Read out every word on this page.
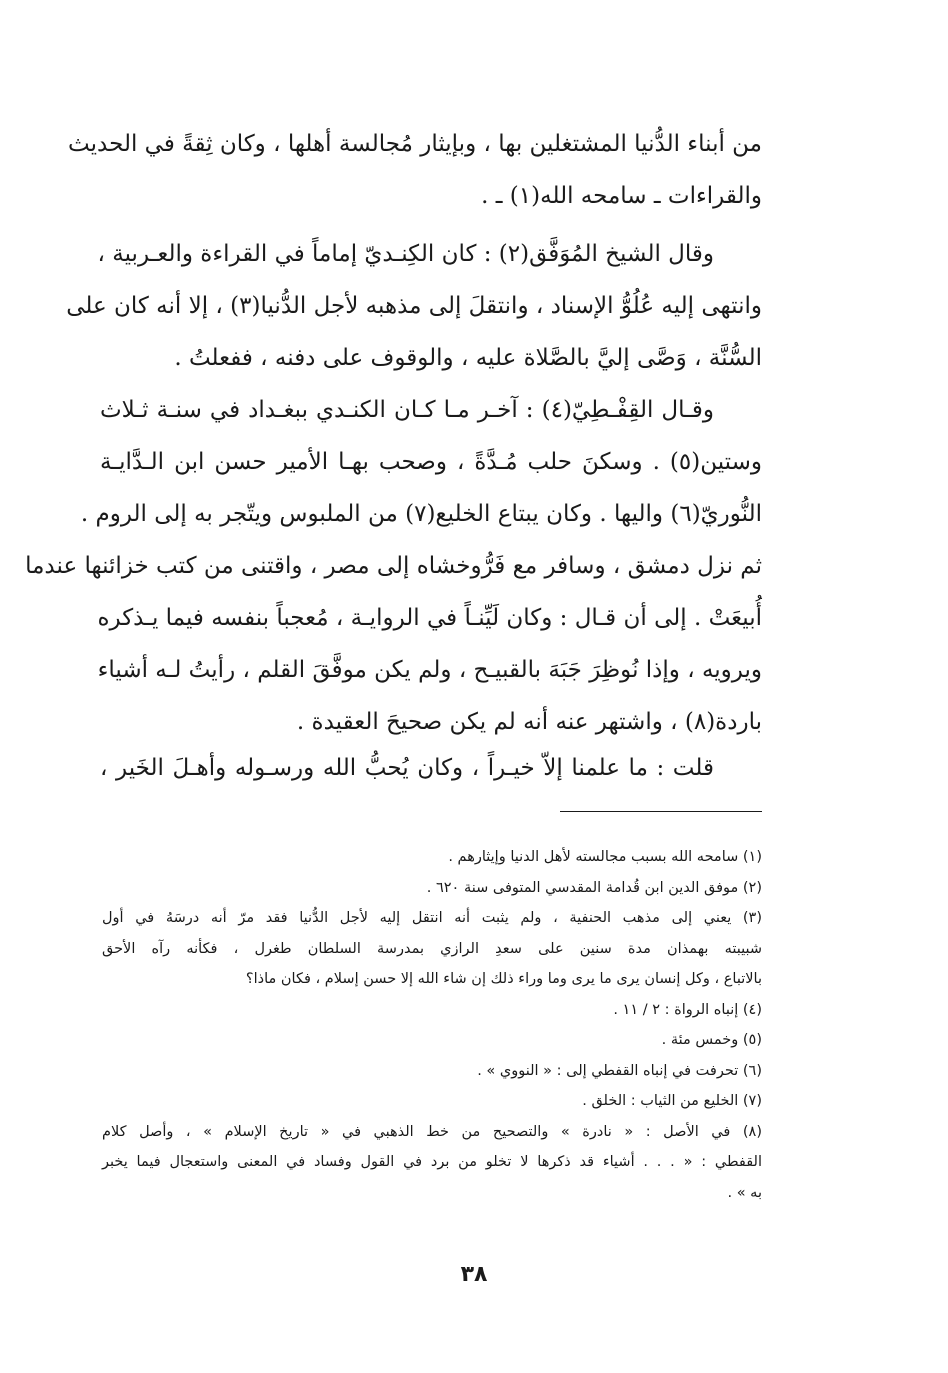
من أبناء الدُّنيا المشتغلين بها ، وبإيثار مُجالسة أهلها ، وكان ثِقةً في الحديث
والقراءات ـ سامحه الله(١) ـ .
وقال الشيخ المُوَفَّق(٢) : كان الكِنـديّ إماماً في القراءة والعـربية ،
وانتهى إليه عُلُوُّ الإسناد ، وانتقلَ إلى مذهبه لأجل الدُّنيا(٣) ، إلا أنه كان على
السُّنَّة ، وَصَّى إليَّ بالصَّلاة عليه ، والوقوف على دفنه ، ففعلتُ .
وقـال القِفْـطِيّ(٤) : آخـر مـا كـان الكنـدي ببغـداد في سنـة ثـلاث
وستين(٥) . وسكنَ حلب مُـدَّةً ، وصحب بهـا الأمير حسن ابن الـدَّايـة
النُّوريّ(٦) واليها . وكان يبتاع الخليع(٧) من الملبوس ويتّجر به إلى الروم .
ثم نزل دمشق ، وسافر مع فَرُّوخشاه إلى مصر ، واقتنى من كتب خزائنها عندما
أُبيعَتْ . إلى أن قـال : وكان لَيِّنـاً في الروايـة ، مُعجباً بنفسه فيما يـذكره
ويرويه ، وإذا نُوظِرَ جَبَهَ بالقبيـح ، ولم يكن موفَّقَ القلم ، رأيتُ لـه أشياء
باردة(٨) ، واشتهر عنه أنه لم يكن صحيحَ العقيدة .
قلت : ما علمنا إلاّ خيـراً ، وكان يُحبُّ الله ورسـوله وأهـلَ الخَير ،
(١) سامحه الله بسبب مجالسته لأهل الدنيا وإيثارهم .
(٢) موفق الدين ابن قُدامة المقدسي المتوفى سنة ٦٢٠ .
(٣) يعني إلى مذهب الحنفية ، ولم يثبت أنه انتقل إليه لأجل الدُّنيا فقد مرّ أنه درسَهُ في أول
شبيبته بهمذان مدة سنين على سعدِ الرازي بمدرسة السلطان طغرل ، فكأنه رآه الأحق
بالاتباع ، وكل إنسان يرى ما يرى وما وراء ذلك إن شاء الله إلا حسن إسلام ، فكان ماذا؟
(٤) إنباه الرواة : ٢ / ١١ .
(٥) وخمس مئة .
(٦) تحرفت في إنباه القفطي إلى : « النووي » .
(٧) الخليع من الثياب : الخلق .
(٨) في الأصل : « نادرة » والتصحيح من خط الذهبي في « تاريخ الإسلام » ، وأصل كلام
القفطي : « . . . أشياء قد ذكرها لا تخلو من برد في القول وفساد في المعنى واستعجال فيما يخبر
به » .
٣٨
